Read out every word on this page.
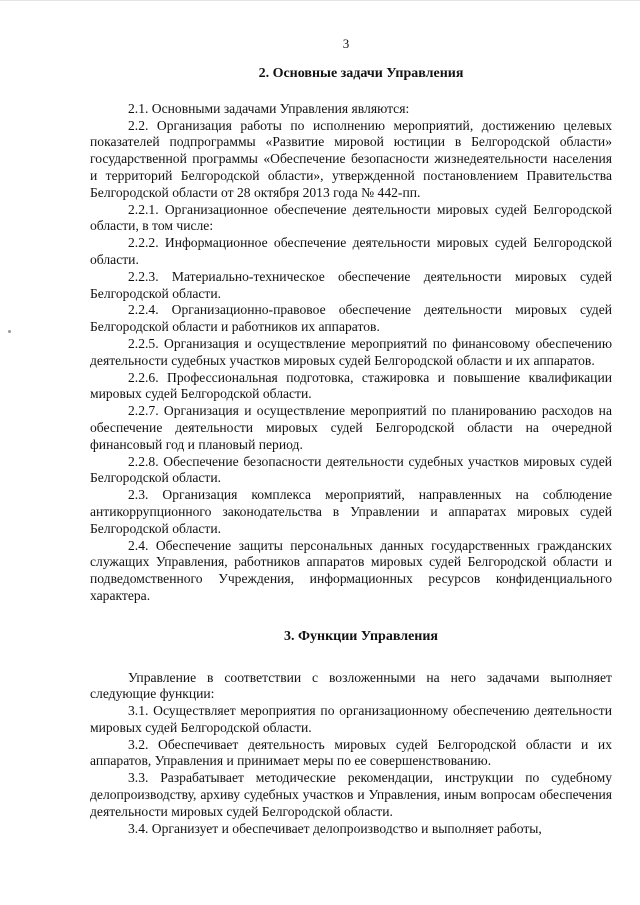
3
2. Основные задачи Управления

2.1. Основными задачами Управления являются:

2.2. Организация работы по исполнению мероприятий, достижению целевых показателей подпрограммы «Развитие мировой юстиции в Белгородской области» государственной программы «Обеспечение безопасности жизнедеятельности населения и территорий Белгородской области», утвержденной постановлением Правительства Белгородской области от 28 октября 2013 года № 442-пп.

2.2.1. Организационное обеспечение деятельности мировых судей Белгородской области, в том числе:

2.2.2. Информационное обеспечение деятельности мировых судей Белгородской области.

2.2.3. Материально-техническое обеспечение деятельности мировых судей Белгородской области.

2.2.4. Организационно-правовое обеспечение деятельности мировых судей Белгородской области и работников их аппаратов.

2.2.5. Организация и осуществление мероприятий по финансовому обеспечению деятельности судебных участков мировых судей Белгородской области и их аппаратов.

2.2.6. Профессиональная подготовка, стажировка и повышение квалификации мировых судей Белгородской области.

2.2.7. Организация и осуществление мероприятий по планированию расходов на обеспечение деятельности мировых судей Белгородской области на очередной финансовый год и плановый период.

2.2.8. Обеспечение безопасности деятельности судебных участков мировых судей Белгородской области.

2.3. Организация комплекса мероприятий, направленных на соблюдение антикоррупционного законодательства в Управлении и аппаратах мировых судей Белгородской области.

2.4. Обеспечение защиты персональных данных государственных гражданских служащих Управления, работников аппаратов мировых судей Белгородской области и подведомственного Учреждения, информационных ресурсов конфиденциального характера.

3. Функции Управления

Управление в соответствии с возложенными на него задачами выполняет следующие функции:

3.1. Осуществляет мероприятия по организационному обеспечению деятельности мировых судей Белгородской области.

3.2. Обеспечивает деятельность мировых судей Белгородской области и их аппаратов, Управления и принимает меры по ее совершенствованию.

3.3. Разрабатывает методические рекомендации, инструкции по судебному делопроизводству, архиву судебных участков и Управления, иным вопросам обеспечения деятельности мировых судей Белгородской области.

3.4. Организует и обеспечивает делопроизводство и выполняет работы,
